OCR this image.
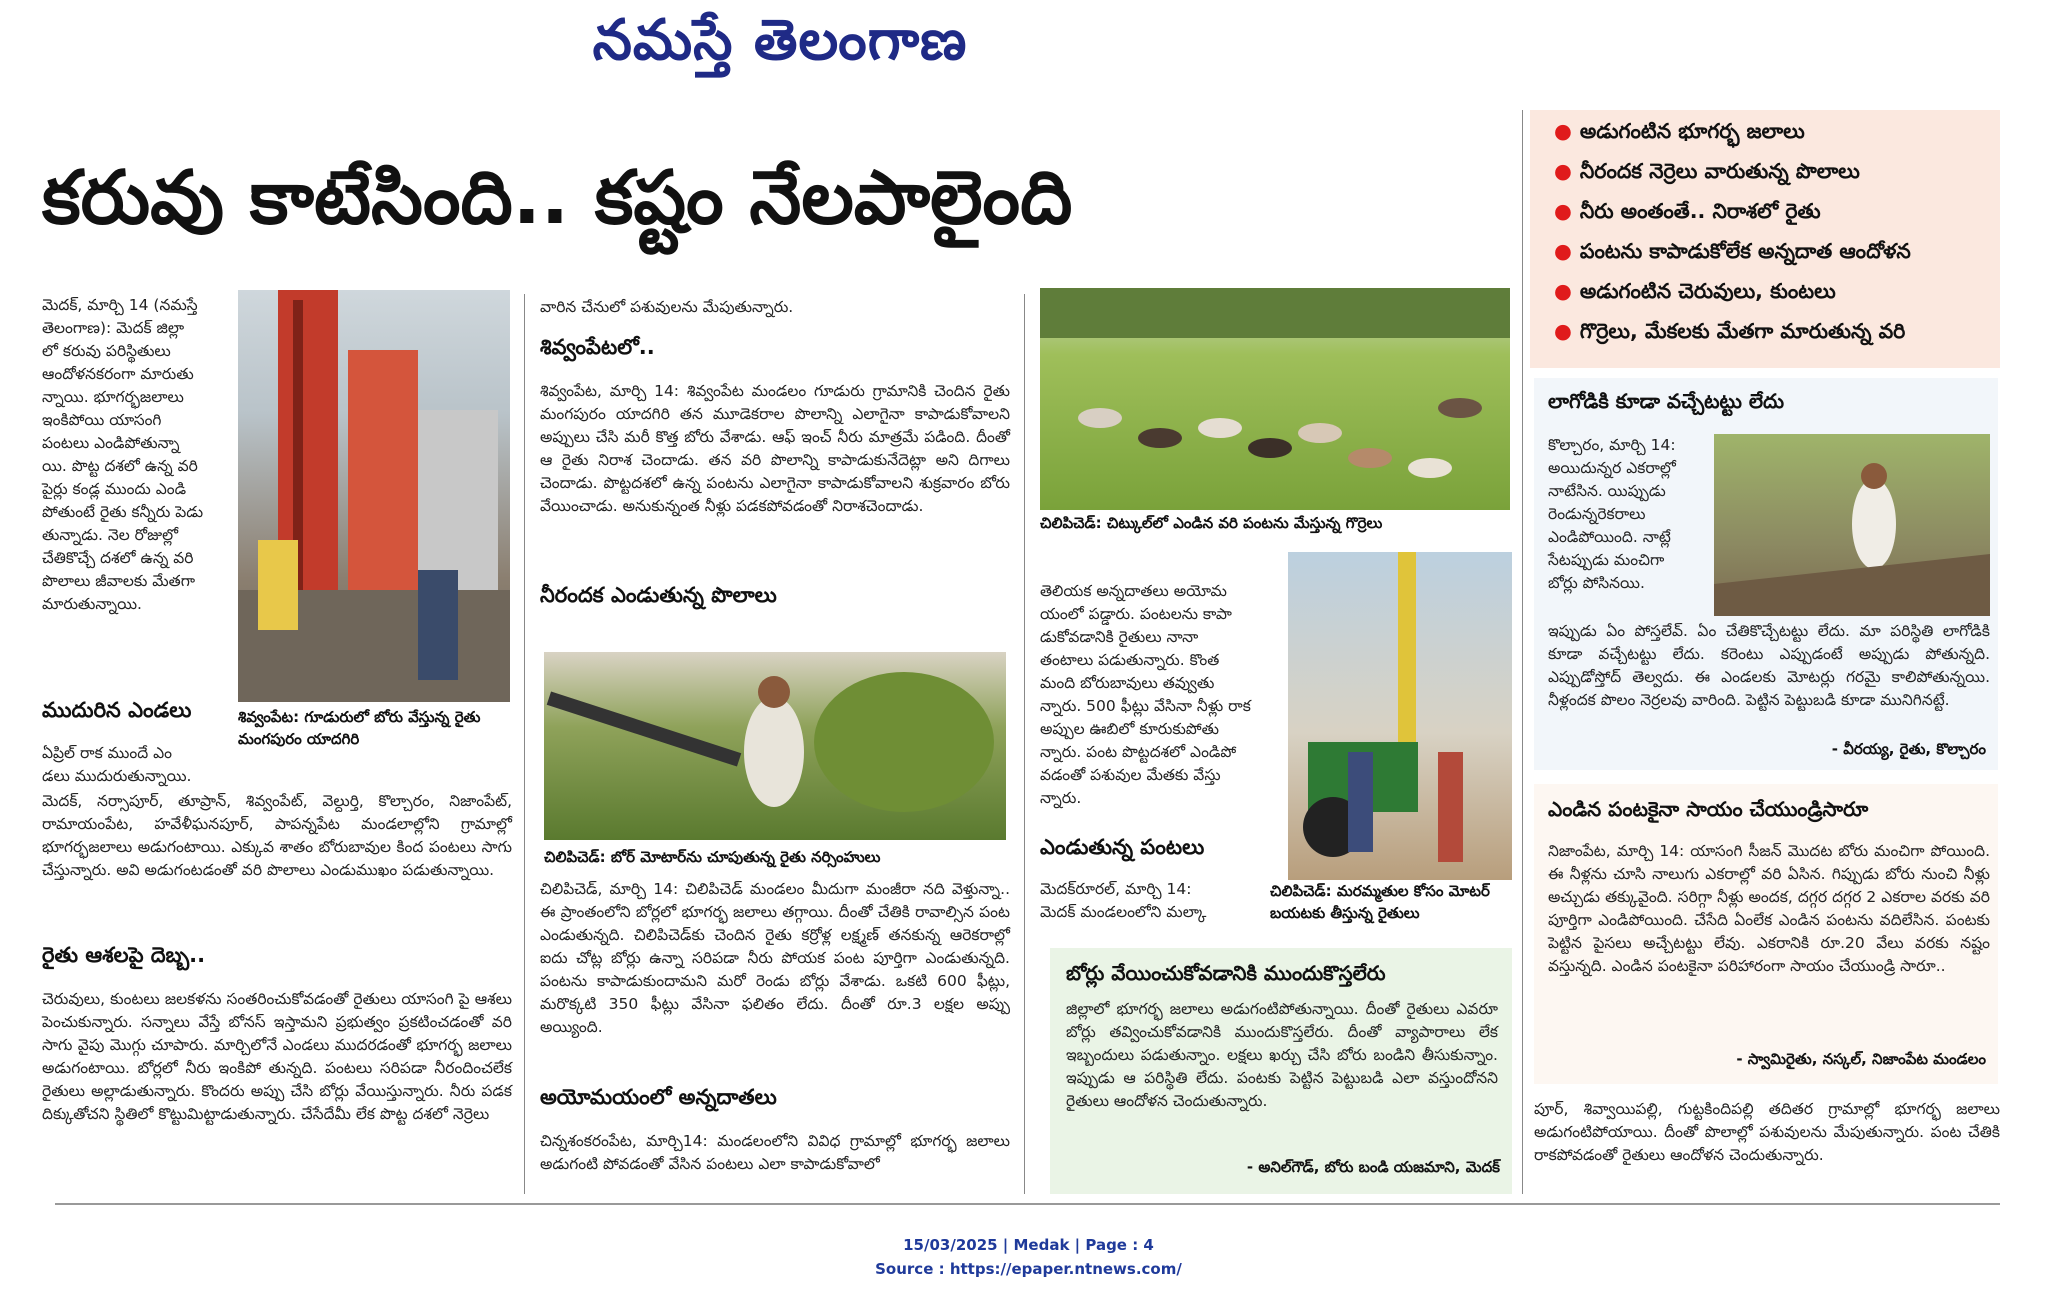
నమస్తే తెలంగాణ
కరువు కాటేసింది.. కష్టం నేలపాలైంది
● అడుగంటిన భూగర్భ జలాలు
● నీరందక నెర్రెలు వారుతున్న పొలాలు
● నీరు అంతంతే.. నిరాశలో రైతు
● పంటను కాపాడుకోలేక అన్నదాత ఆందోళన
● అడుగంటిన చెరువులు, కుంటలు
● గొర్రెలు, మేకలకు మేతగా మారుతున్న వరి

మెదక్, మార్చి 14 (నమస్తే

తెలంగాణ): మెదక్ జిల్లా

లో కరువు పరిస్థితులు

ఆందోళనకరంగా మారుతు

న్నాయి. భూగర్భజలాలు

ఇంకిపోయి యాసంగి

పంటలు ఎండిపోతున్నా

యి. పొట్ట దశలో ఉన్న వరి

పైర్లు కండ్ల ముందు ఎండి

పోతుంటే రైతు కన్నీరు పెడు

తున్నాడు. నెల రోజుల్లో

చేతికొచ్చే దశలో ఉన్న వరి

పొలాలు జీవాలకు మేతగా

మారుతున్నాయి.

శివ్వంపేట: గూడురులో బోరు వేస్తున్న రైతు మంగపురం యాదగిరి

ముదురిన ఎండలు

ఏప్రిల్ రాక ముందే ఎం

డలు ముదురుతున్నాయి.

మెదక్, నర్సాపూర్, తూప్రాన్, శివ్వంపేట్, వెల్దుర్తి, కొల్చారం, నిజాంపేట్, రామాయంపేట, హవేళీఘనపూర్, పాపన్నపేట మండలాల్లోని గ్రామాల్లో భూగర్భజలాలు అడుగంటాయి. ఎక్కువ శాతం బోరుబావుల కింద పంటలు సాగు చేస్తున్నారు. అవి అడుగంటడంతో వరి పొలాలు ఎండుముఖం పడుతున్నాయి.

రైతు ఆశలపై దెబ్బ..

చెరువులు, కుంటలు జలకళను సంతరించుకోవడంతో రైతులు యాసంగి పై ఆశలు పెంచుకున్నారు. సన్నాలు వేస్తే బోనస్ ఇస్తామని ప్రభుత్వం ప్రకటించడంతో వరి సాగు వైపు మొగ్గు చూపారు. మార్చిలోనే ఎండలు ముదరడంతో భూగర్భ జలాలు అడుగంటాయి. బోర్లలో నీరు ఇంకిపో తున్నది. పంటలు సరిపడా నీరందించలేక రైతులు అల్లాడుతున్నారు. కొందరు అప్పు చేసి బోర్లు వేయిస్తున్నారు. నీరు పడక దిక్కుతోచని స్థితిలో కొట్టుమిట్టాడుతున్నారు. చేసేదేమీ లేక పొట్ట దశలో నెర్రెలు

వారిన చేనులో పశువులను మేపుతున్నారు.

శివ్వంపేటలో..

శివ్వంపేట, మార్చి 14: శివ్వంపేట మండలం గూడురు గ్రామానికి చెందిన రైతు మంగపురం యాదగిరి తన మూడెకరాల పొలాన్ని ఎలాగైనా కాపాడుకోవాలని అప్పులు చేసి మరీ కొత్త బోరు వేశాడు. ఆఫ్ ఇంచ్ నీరు మాత్రమే పడింది. దీంతో ఆ రైతు నిరాశ చెందాడు. తన వరి పొలాన్ని కాపాడుకునేదెట్లా అని దిగాలు చెందాడు. పొట్టదశలో ఉన్న పంటను ఎలాగైనా కాపాడుకోవాలని శుక్రవారం బోరు వేయించాడు. అనుకున్నంత నీళ్లు పడకపోవడంతో నిరాశచెందాడు.

నీరందక ఎండుతున్న పొలాలు

చిలిపిచెడ్: బోర్ మోటార్‌ను చూపుతున్న రైతు నర్సింహులు

చిలిపిచెడ్, మార్చి 14: చిలిపిచెడ్ మండలం మీదుగా మంజీరా నది వెళ్తున్నా.. ఈ ప్రాంతంలోని బోర్లలో భూగర్భ జలాలు తగ్గాయి. దీంతో చేతికి రావాల్సిన పంట ఎండుతున్నది. చిలిపిచెడ్‌కు చెందిన రైతు కర్రోళ్ల లక్ష్మణ్ తనకున్న ఆరెకరాల్లో ఐదు చోట్ల బోర్లు ఉన్నా సరిపడా నీరు పోయక పంట పూర్తిగా ఎండుతున్నది. పంటను కాపాడుకుందామని మరో రెండు బోర్లు వేశాడు. ఒకటి 600 ఫీట్లు, మరొక్కటి 350 ఫీట్లు వేసినా ఫలితం లేదు. దీంతో రూ.3 లక్షల అప్పు అయ్యింది.

అయోమయంలో అన్నదాతలు

చిన్నశంకరంపేట, మార్చి14: మండలంలోని వివిధ గ్రామాల్లో భూగర్భ జలాలు అడుగంటి పోవడంతో వేసిన పంటలు ఎలా కాపాడుకోవాలో

చిలిపిచెడ్: చిట్కుల్‌లో ఎండిన వరి పంటను మేస్తున్న గొర్రెలు

తెలియక అన్నదాతలు అయోమ

యంలో పడ్డారు. పంటలను కాపా

డుకోవడానికి రైతులు నానా

తంటాలు పడుతున్నారు. కొంత

మంది బోరుబావులు తవ్వుతు

న్నారు. 500 ఫీట్లు వేసినా నీళ్లు రాక

అప్పుల ఊబిలో కూరుకుపోతు

న్నారు. పంట పొట్టదశలో ఎండిపో

వడంతో పశువుల మేతకు వేస్తు

న్నారు.

చిలిపిచెడ్: మరమ్మతుల కోసం మోటర్ బయటకు తీస్తున్న రైతులు

ఎండుతున్న పంటలు

మెదక్‌రూరల్, మార్చి 14:

మెదక్ మండలంలోని మల్కా

బోర్లు వేయించుకోవడానికి ముందుకొస్తలేరు

జిల్లాలో భూగర్భ జలాలు అడుగంటిపోతున్నాయి. దీంతో రైతులు ఎవరూ బోర్లు తవ్వించుకోవడానికి ముందుకొస్తలేరు. దీంతో వ్యాపారాలు లేక ఇబ్బందులు పడుతున్నాం. లక్షలు ఖర్చు చేసి బోరు బండిని తీసుకున్నాం. ఇప్పుడు ఆ పరిస్థితి లేదు. పంటకు పెట్టిన పెట్టుబడి ఎలా వస్తుందోనని రైతులు ఆందోళన చెందుతున్నారు.

- అనిల్‌గౌడ్, బోరు బండి యజమాని, మెదక్

లాగోడికి కూడా వచ్చేటట్టు లేదు

కొల్చారం, మార్చి 14:

అయిదున్నర ఎకరాల్లో

నాటేసిన. యిప్పుడు

రెండున్నరెకరాలు

ఎండిపోయింది. నాట్లే

సేటప్పుడు మంచిగా

బోర్లు పోసినయి.

ఇప్పుడు ఏం పోస్తలేవ్. ఏం చేతికొచ్చేటట్టు లేదు. మా పరిస్థితి లాగోడికి కూడా వచ్చేటట్టు లేదు. కరెంటు ఎప్పుడంటే అప్పుడు పోతున్నది. ఎప్పుడోస్తోద్ తెల్వదు. ఈ ఎండలకు మోటర్లు గరమై కాలిపోతున్నయి. నీళ్లందక పొలం నెర్రలవు వారింది. పెట్టిన పెట్టుబడి కూడా మునిగినట్టే.

- వీరయ్య, రైతు, కొల్చారం

ఎండిన పంటకైనా సాయం చేయుండ్రిసారూ

నిజాంపేట, మార్చి 14: యాసంగి సీజన్ మొదట బోరు మంచిగా పోయింది. ఈ నీళ్లను చూసి నాలుగు ఎకరాల్లో వరి ఏసిన. గిప్పుడు బోరు నుంచి నీళ్లు అచ్చుడు తక్కువైంది. సరిగ్గా నీళ్లు అందక, దగ్గర దగ్గర 2 ఎకరాల వరకు వరి పూర్తిగా ఎండిపోయింది. చేసేది ఏంలేక ఎండిన పంటను వదిలేసిన. పంటకు పెట్టిన పైసలు అచ్చేటట్టు లేవు. ఎకరానికి రూ.20 వేలు వరకు నష్టం వస్తున్నది. ఎండిన పంటకైనా పరిహారంగా సాయం చేయుండ్రి సారూ..

- స్వామిరైతు, నస్కల్, నిజాంపేట మండలం

పూర్, శివ్వాయిపల్లి, గుట్టకిందిపల్లి తదితర గ్రామాల్లో భూగర్భ జలాలు అడుగంటిపోయాయి. దీంతో పొలాల్లో పశువులను మేపుతున్నారు. పంట చేతికి రాకపోవడంతో రైతులు ఆందోళన చెందుతున్నారు.

15/03/2025 | Medak | Page : 4
Source : https://epaper.ntnews.com/
